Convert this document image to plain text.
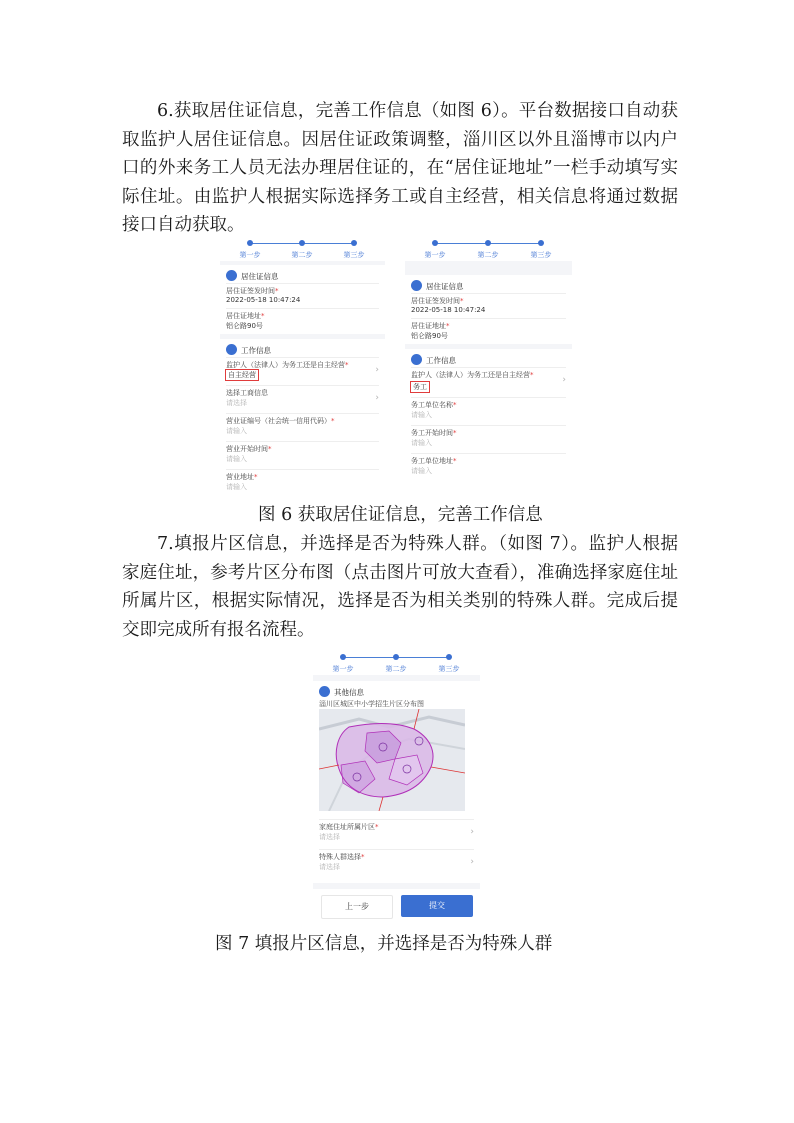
6.获取居住证信息，完善工作信息（如图 6）。平台数据接口自动获取监护人居住证信息。因居住证政策调整，淄川区以外且淄博市以内户口的外来务工人员无法办理居住证的，在“居住证地址”一栏手动填写实际住址。由监护人根据实际选择务工或自主经营，相关信息将通过数据接口自动获取。

第一步	第二步	第三步
居住证信息
居住证签发时间*
2022-05-18 10:47:24
居住证地址*
铝仑路90号
工作信息
监护人（法律人）为务工还是自主经营*
自主经营	›
选择工商信息
请选择	›
营业证编号（社会统一信用代码）*
请输入
营业开始时间*
请输入
营业地址*
请输入
第一步	第二步	第三步
居住证信息
居住证签发时间*
2022-05-18 10:47:24
居住证地址*
铝仑路90号
工作信息
监护人（法律人）为务工还是自主经营*
务工
›
务工单位名称*
请输入
务工开始时间*
请输入
务工单位地址*
请输入

图 6 获取居住证信息，完善工作信息

7.填报片区信息，并选择是否为特殊人群。（如图 7）。监护人根据家庭住址，参考片区分布图（点击图片可放大查看），准确选择家庭住址所属片区，根据实际情况，选择是否为相关类别的特殊人群。完成后提交即完成所有报名流程。

第一步	第二步	第三步
其他信息
淄川区城区中小学招生片区分布图
家庭住址所属片区*
请选择	›
特殊人群选择*
请选择	›
上一步	提交

图 7 填报片区信息，并选择是否为特殊人群
